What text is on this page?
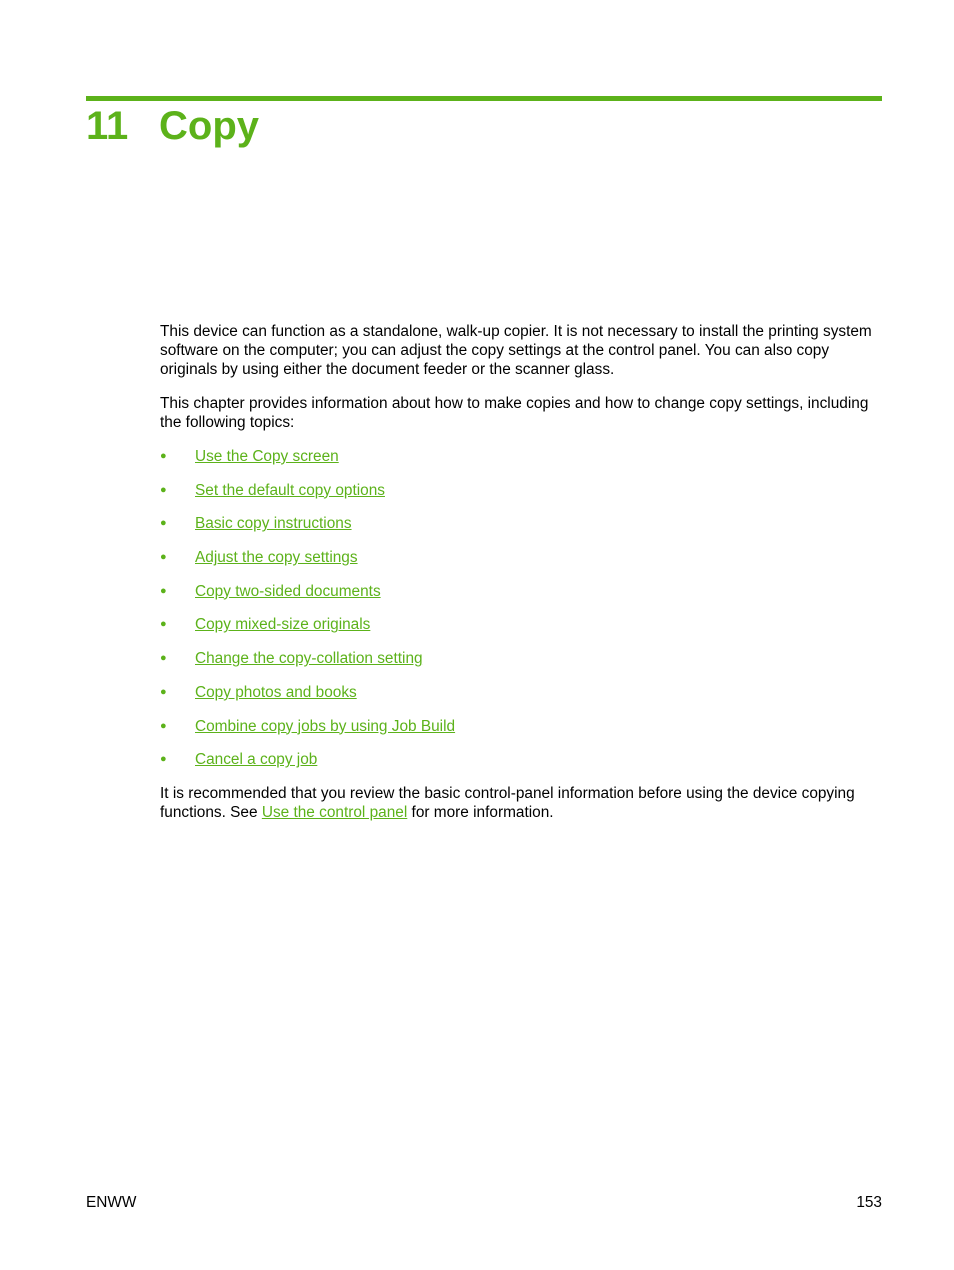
11 Copy

This device can function as a standalone, walk-up copier. It is not necessary to install the printing system software on the computer; you can adjust the copy settings at the control panel. You can also copy originals by using either the document feeder or the scanner glass.

This chapter provides information about how to make copies and how to change copy settings, including the following topics:

●	Use the Copy screen
●	Set the default copy options
●	Basic copy instructions
●	Adjust the copy settings
●	Copy two-sided documents
●	Copy mixed-size originals
●	Change the copy-collation setting
●	Copy photos and books
●	Combine copy jobs by using Job Build
●	Cancel a copy job

It is recommended that you review the basic control-panel information before using the device copying functions. See Use the control panel for more information.

ENWW	153
